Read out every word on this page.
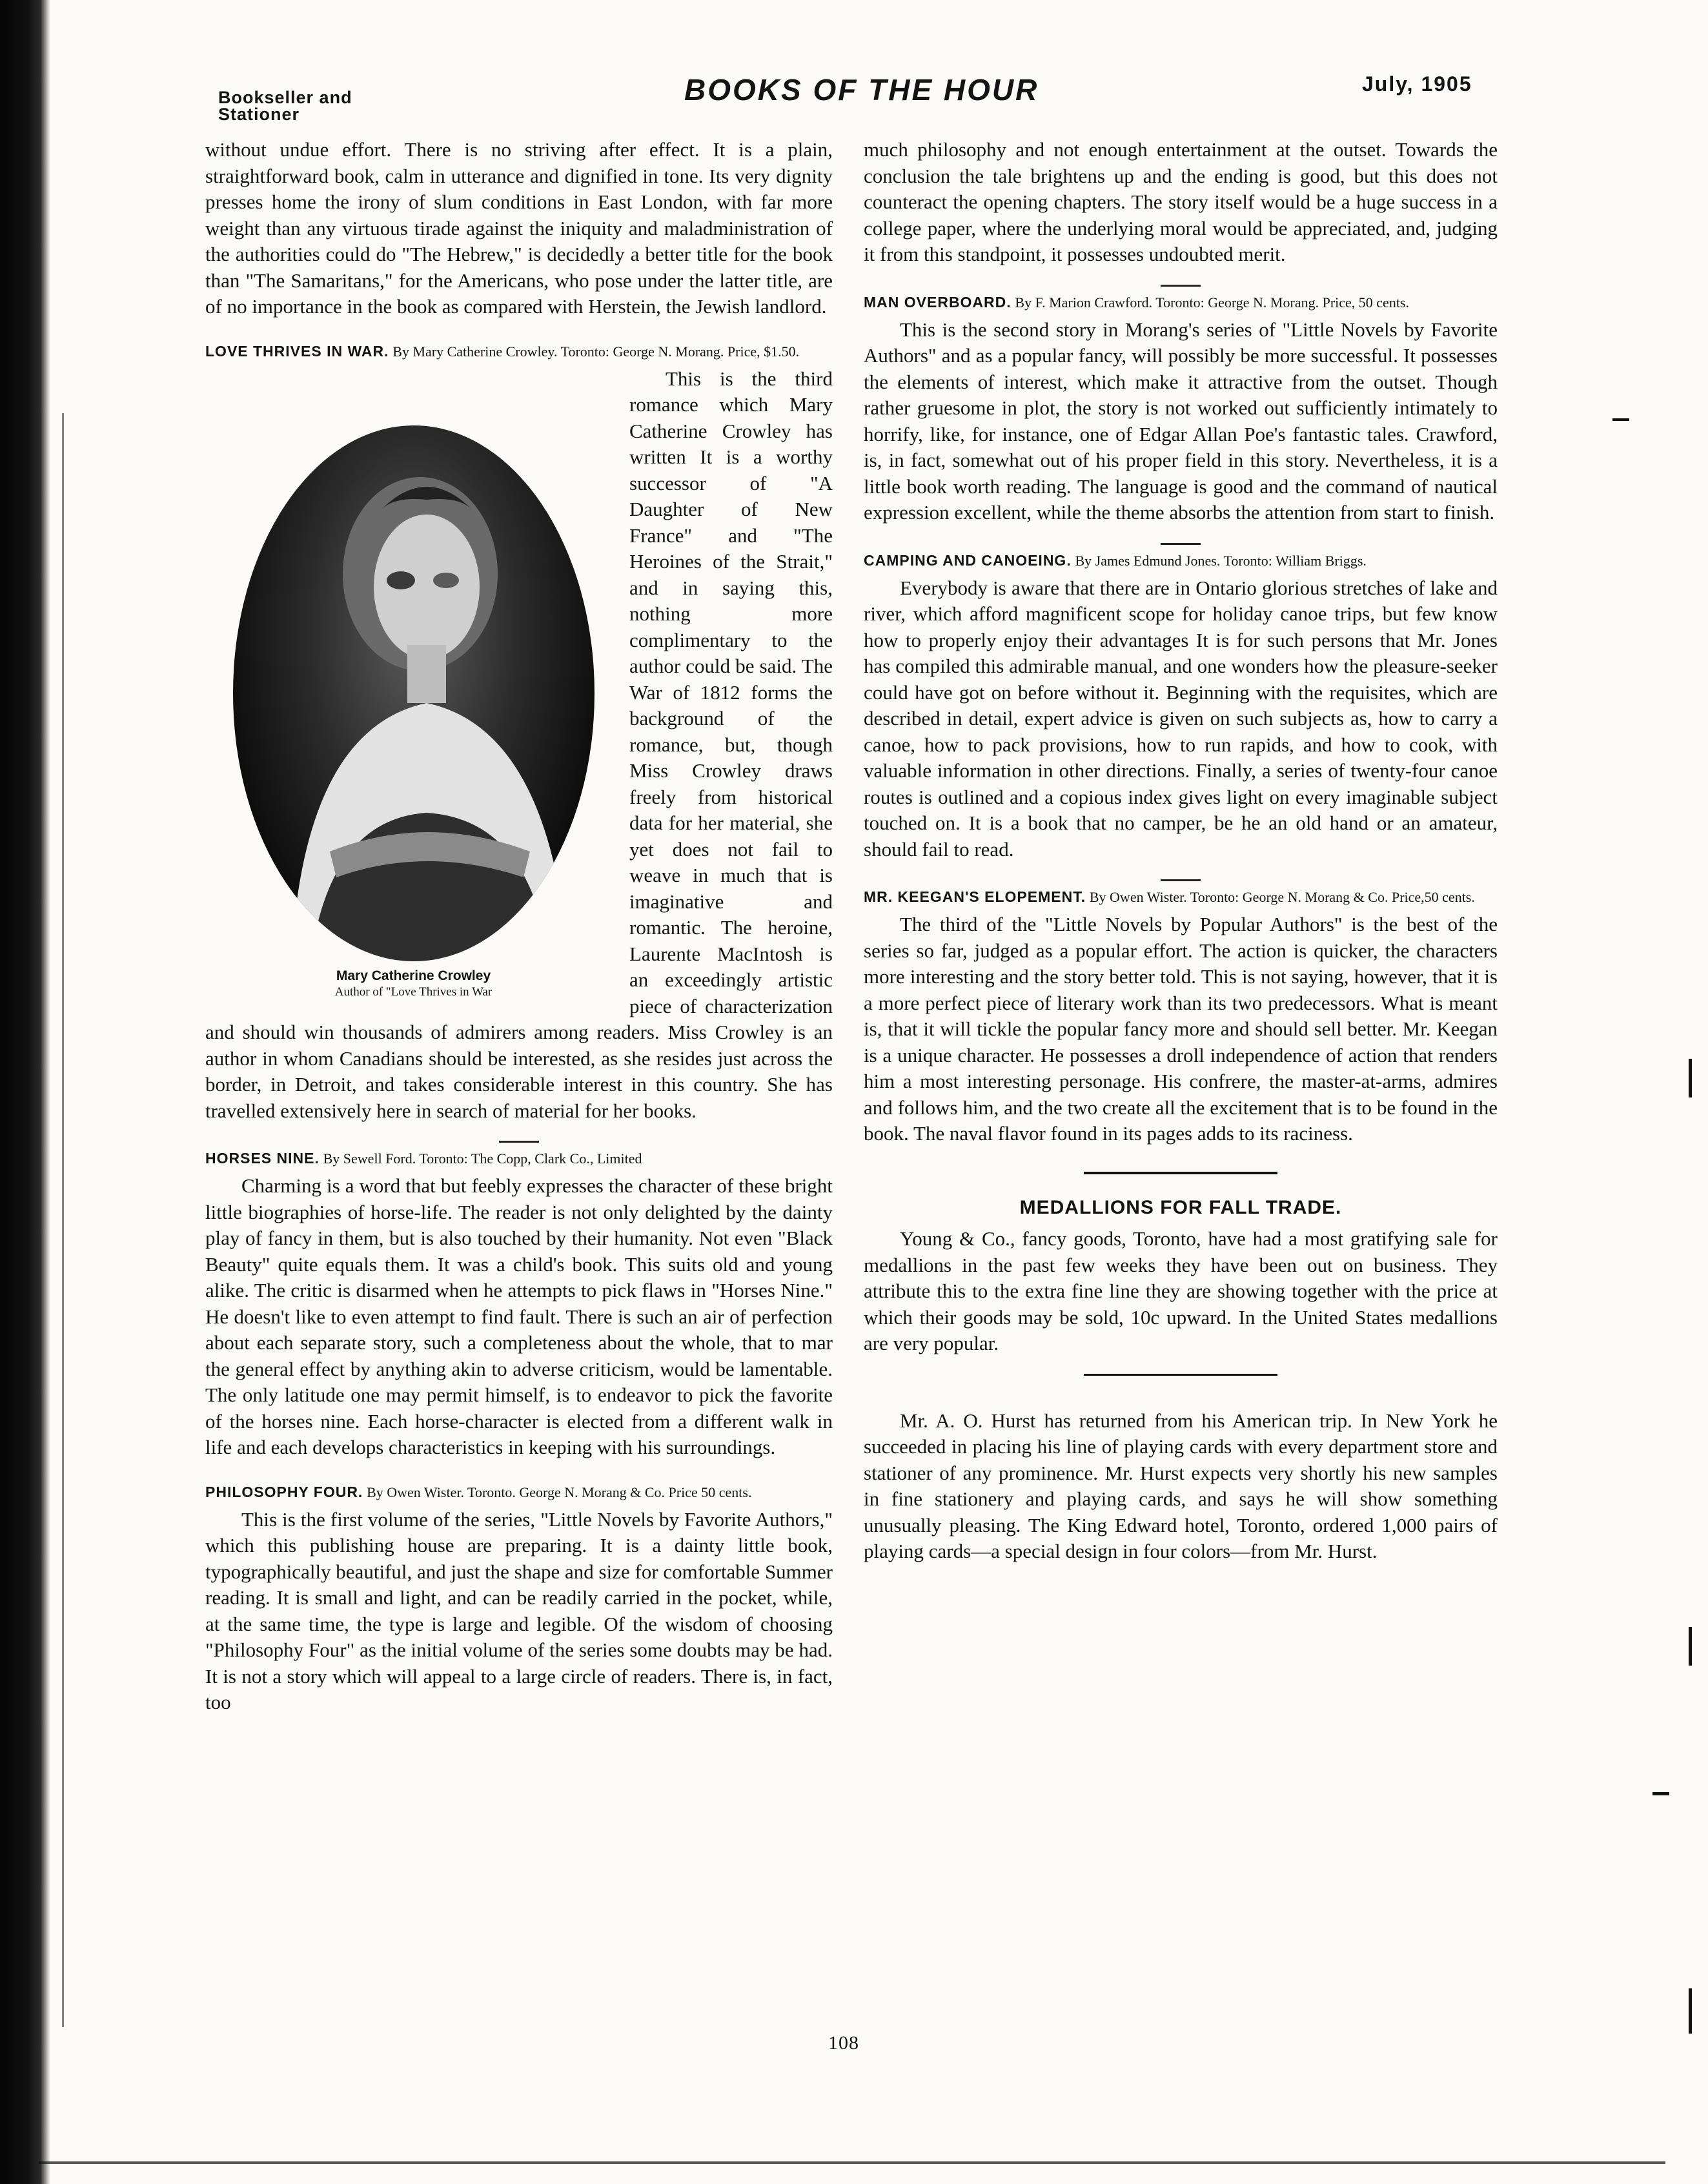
Bookseller and Stationer
BOOKS OF THE HOUR	July, 1905

without undue effort. There is no striving after effect. It is a plain, straightforward book, calm in utterance and dignified in tone. Its very dignity presses home the irony of slum conditions in East London, with far more weight than any virtuous tirade against the iniquity and maladministration of the authorities could do "The Hebrew," is decidedly a better title for the book than "The Samaritans," for the Americans, who pose under the latter title, are of no importance in the book as compared with Herstein, the Jewish landlord.

LOVE THRIVES IN WAR. By Mary Catherine Crowley. Toronto: George N. Morang. Price, $1.50.
Mary Catherine Crowley
Author of "Love Thrives in War

This is the third romance which Mary Catherine Crowley has written It is a worthy successor of "A Daughter of New France" and "The Heroines of the Strait," and in saying this, nothing more complimentary to the author could be said. The War of 1812 forms the background of the romance, but, though Miss Crowley draws freely from historical data for her material, she yet does not fail to weave in much that is imaginative and romantic. The heroine, Laurente MacIntosh is an exceedingly artistic piece of characterization and should win thousands of admirers among readers. Miss Crowley is an author in whom Canadians should be interested, as she resides just across the border, in Detroit, and takes considerable interest in this country. She has travelled extensively here in search of material for her books.

HORSES NINE. By Sewell Ford. Toronto: The Copp, Clark Co., Limited

Charming is a word that but feebly expresses the character of these bright little biographies of horse-life. The reader is not only delighted by the dainty play of fancy in them, but is also touched by their humanity. Not even "Black Beauty" quite equals them. It was a child's book. This suits old and young alike. The critic is disarmed when he attempts to pick flaws in "Horses Nine." He doesn't like to even attempt to find fault. There is such an air of perfection about each separate story, such a completeness about the whole, that to mar the general effect by anything akin to adverse criticism, would be lamentable. The only latitude one may permit himself, is to endeavor to pick the favorite of the horses nine. Each horse-character is elected from a different walk in life and each develops characteristics in keeping with his surroundings.

PHILOSOPHY FOUR. By Owen Wister. Toronto. George N. Morang & Co. Price 50 cents.

This is the first volume of the series, "Little Novels by Favorite Authors," which this publishing house are preparing. It is a dainty little book, typographically beautiful, and just the shape and size for comfortable Summer reading. It is small and light, and can be readily carried in the pocket, while, at the same time, the type is large and legible. Of the wisdom of choosing "Philosophy Four" as the initial volume of the series some doubts may be had. It is not a story which will appeal to a large circle of readers. There is, in fact, too

much philosophy and not enough entertainment at the outset. Towards the conclusion the tale brightens up and the ending is good, but this does not counteract the opening chapters. The story itself would be a huge success in a college paper, where the underlying moral would be appreciated, and, judging it from this standpoint, it possesses undoubted merit.

MAN OVERBOARD. By F. Marion Crawford. Toronto: George N. Morang. Price, 50 cents.

This is the second story in Morang's series of "Little Novels by Favorite Authors" and as a popular fancy, will possibly be more successful. It possesses the elements of interest, which make it attractive from the outset. Though rather gruesome in plot, the story is not worked out sufficiently intimately to horrify, like, for instance, one of Edgar Allan Poe's fantastic tales. Crawford, is, in fact, somewhat out of his proper field in this story. Nevertheless, it is a little book worth reading. The language is good and the command of nautical expression excellent, while the theme absorbs the attention from start to finish.

CAMPING AND CANOEING. By James Edmund Jones. Toronto: William Briggs.

Everybody is aware that there are in Ontario glorious stretches of lake and river, which afford magnificent scope for holiday canoe trips, but few know how to properly enjoy their advantages It is for such persons that Mr. Jones has compiled this admirable manual, and one wonders how the pleasure-seeker could have got on before without it. Beginning with the requisites, which are described in detail, expert advice is given on such subjects as, how to carry a canoe, how to pack provisions, how to run rapids, and how to cook, with valuable information in other directions. Finally, a series of twenty-four canoe routes is outlined and a copious index gives light on every imaginable subject touched on. It is a book that no camper, be he an old hand or an amateur, should fail to read.

MR. KEEGAN'S ELOPEMENT. By Owen Wister. Toronto: George N. Morang & Co. Price,50 cents.

The third of the "Little Novels by Popular Authors" is the best of the series so far, judged as a popular effort. The action is quicker, the characters more interesting and the story better told. This is not saying, however, that it is a more perfect piece of literary work than its two predecessors. What is meant is, that it will tickle the popular fancy more and should sell better. Mr. Keegan is a unique character. He possesses a droll independence of action that renders him a most interesting personage. His confrere, the master-at-arms, admires and follows him, and the two create all the excitement that is to be found in the book. The naval flavor found in its pages adds to its raciness.

MEDALLIONS FOR FALL TRADE.

Young & Co., fancy goods, Toronto, have had a most gratifying sale for medallions in the past few weeks they have been out on business. They attribute this to the extra fine line they are showing together with the price at which their goods may be sold, 10c upward. In the United States medallions are very popular.

Mr. A. O. Hurst has returned from his American trip. In New York he succeeded in placing his line of playing cards with every department store and stationer of any prominence. Mr. Hurst expects very shortly his new samples in fine stationery and playing cards, and says he will show something unusually pleasing. The King Edward hotel, Toronto, ordered 1,000 pairs of playing cards—a special design in four colors—from Mr. Hurst.

108
